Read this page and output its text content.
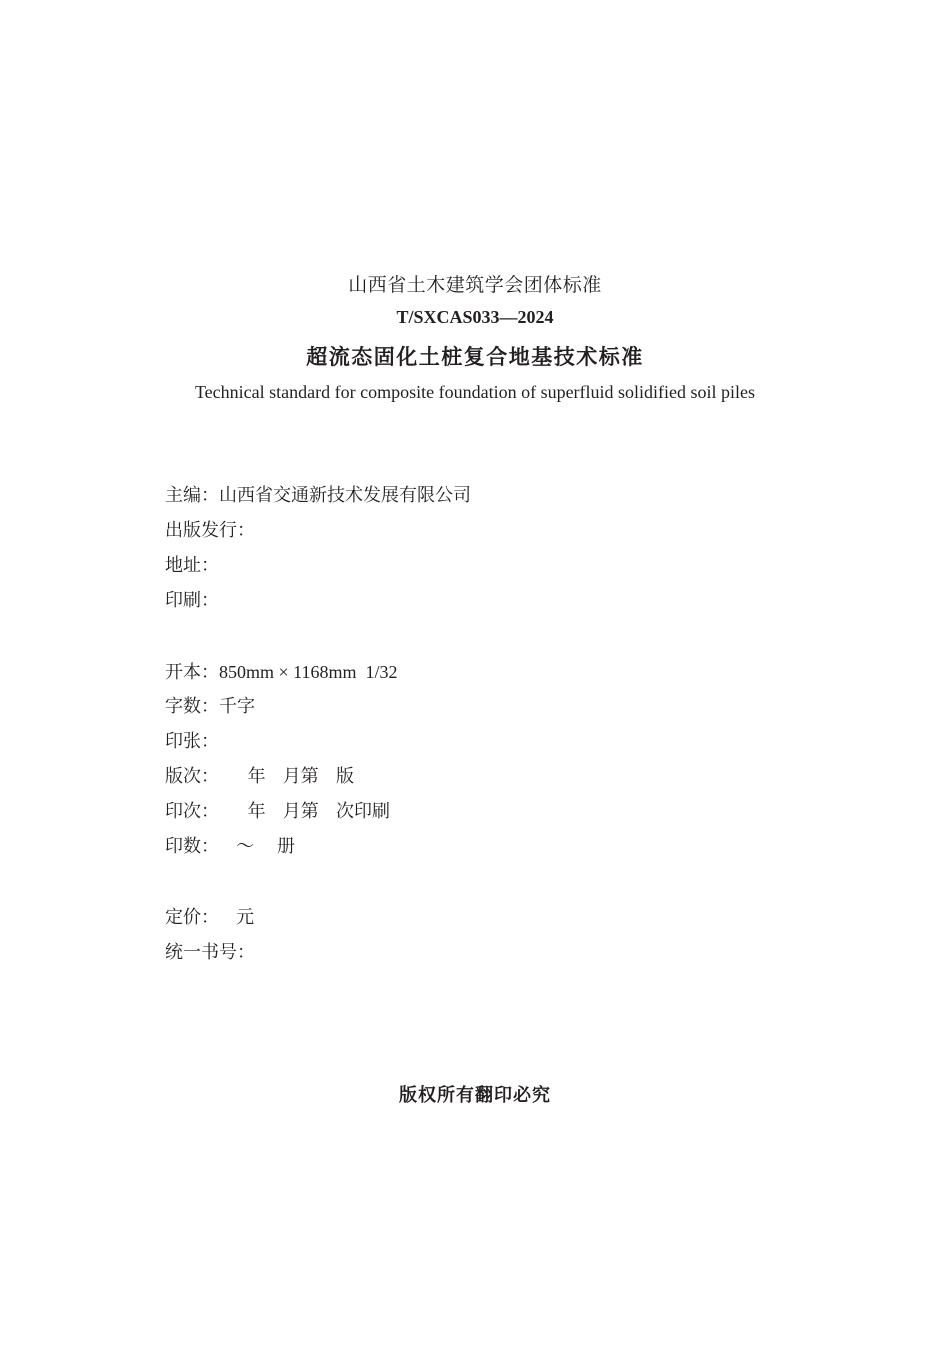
山西省土木建筑学会团体标准
T/SXCAS033—2024
超流态固化土桩复合地基技术标准
Technical standard for composite foundation of superfluid solidified soil piles
主编：山西省交通新技术发展有限公司
出版发行：
地址：
印刷：
开本：850mm × 1168mm  1/32
字数：千字
印张：
版次：     年   月第   版
印次：     年   月第   次印刷
印数：   ～    册
定价：   元
统一书号：
版权所有翻印必究
